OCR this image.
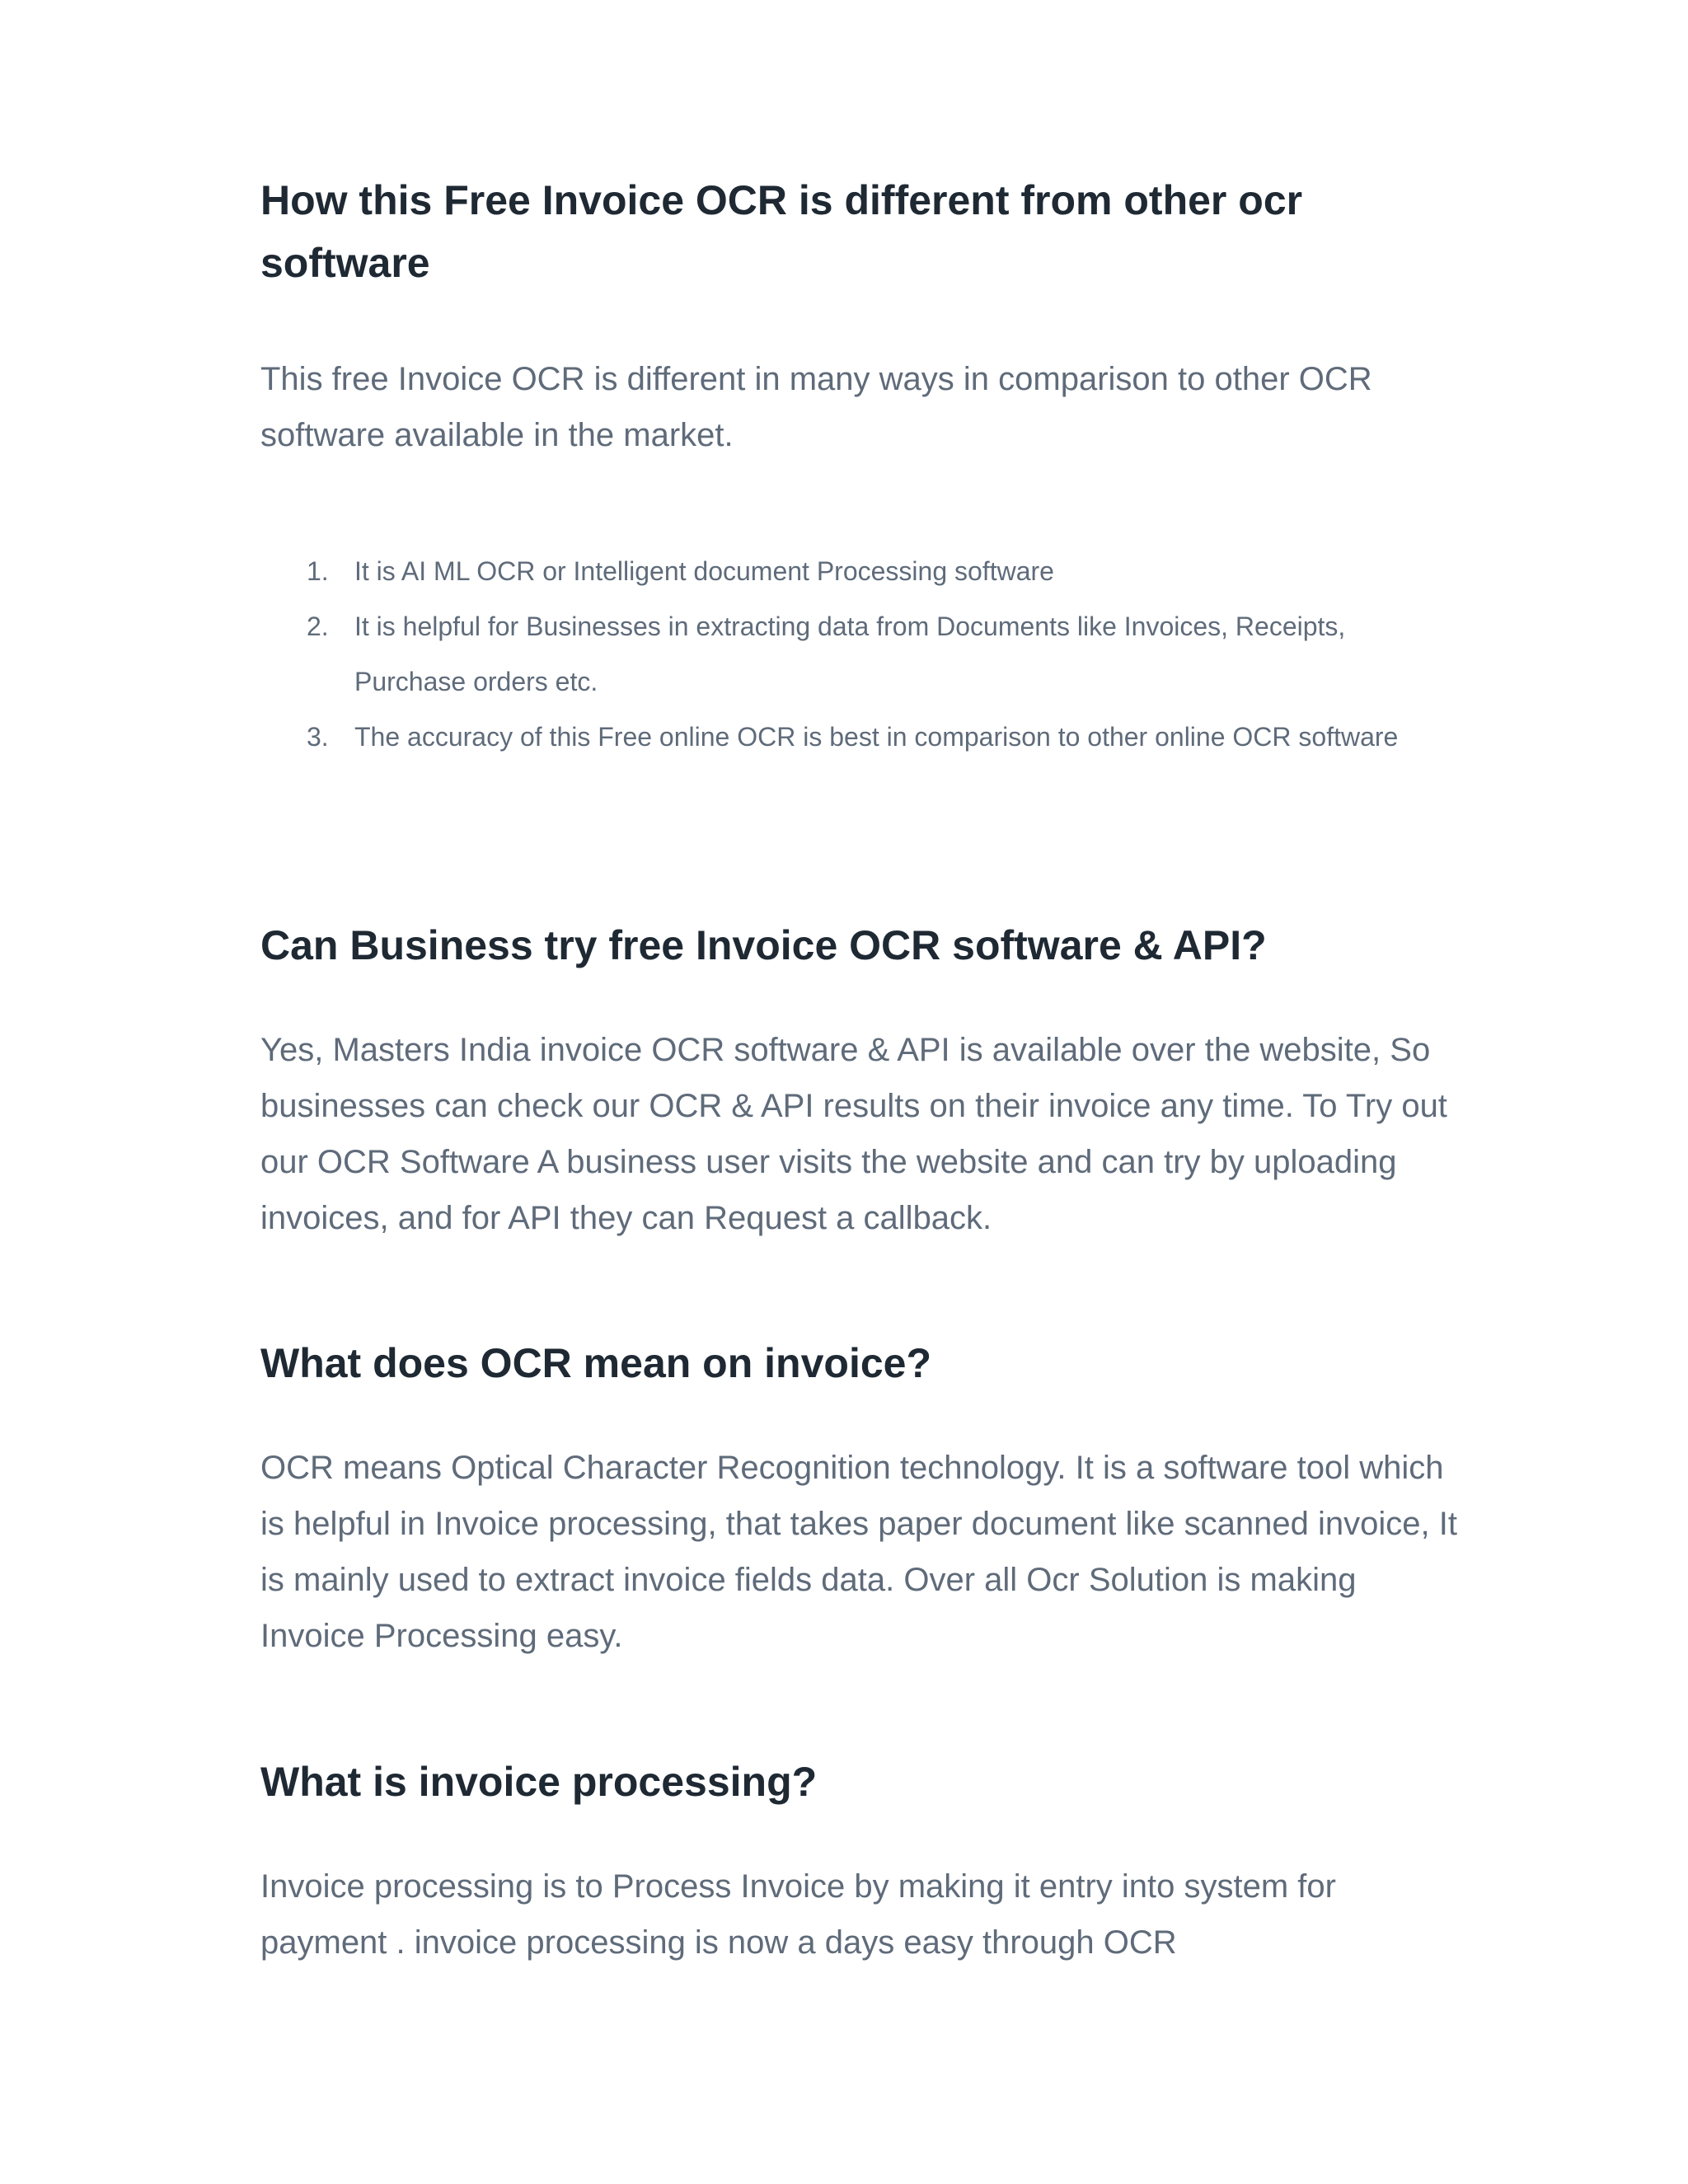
How this Free Invoice OCR is different from other ocr software

This free Invoice OCR is different in many ways in comparison to other OCR software available in the market.

1. It is AI ML OCR or Intelligent document Processing software
2. It is helpful for Businesses in extracting data from Documents like Invoices, Receipts, Purchase orders etc.
3. The accuracy of this Free online OCR is best in comparison to other online OCR software
Can Business try free Invoice OCR software & API?

Yes, Masters India invoice OCR software & API is available over the website, So businesses can check our OCR & API results on their invoice any time. To Try out our OCR Software A business user visits the website and can try by uploading invoices, and for API they can Request a callback.

What does OCR mean on invoice?

OCR means Optical Character Recognition technology. It is a software tool which is helpful in Invoice processing, that takes paper document like scanned invoice, It is mainly used to extract invoice fields data. Over all Ocr Solution is making Invoice Processing easy.

What is invoice processing?

Invoice processing is to Process Invoice by making it entry into system for payment . invoice processing is now a days easy through OCR
